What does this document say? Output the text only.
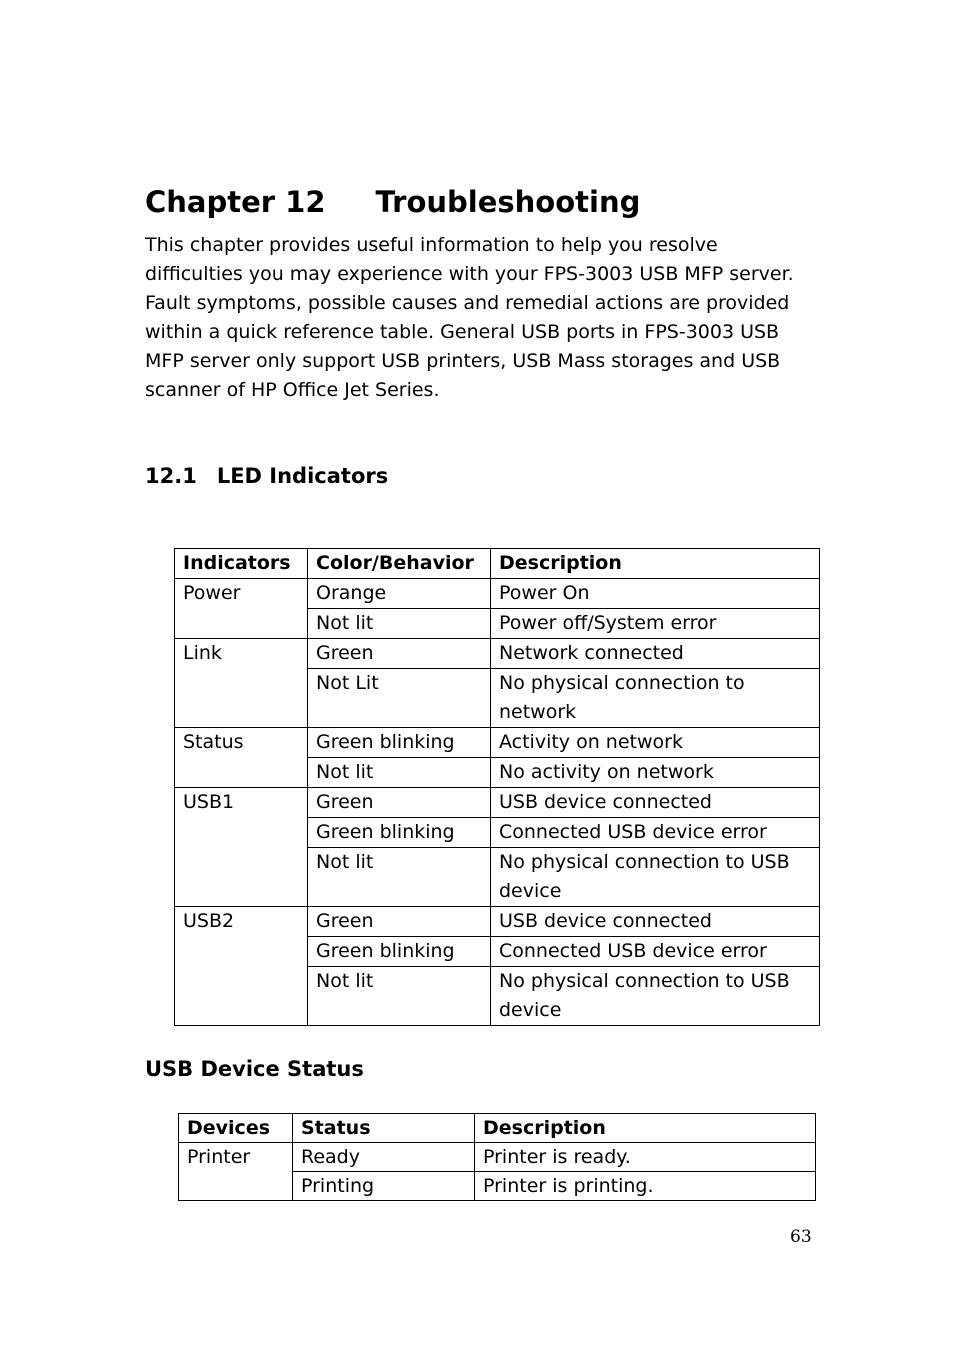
Chapter 12 Troubleshooting

This chapter provides useful information to help you resolve
difficulties you may experience with your FPS-3003 USB MFP server.
Fault symptoms, possible causes and remedial actions are provided
within a quick reference table. General USB ports in FPS-3003 USB
MFP server only support USB printers, USB Mass storages and USB
scanner of HP Office Jet Series.

12.1 LED Indicators
Indicators	Color/Behavior	Description
Power	Orange	Power On
	Not lit	Power off/System error
Link	Green	Network connected
	Not Lit	No physical connection to network
Status	Green blinking	Activity on network
	Not lit	No activity on network
USB1	Green	USB device connected
	Green blinking	Connected USB device error
	Not lit	No physical connection to USB device
USB2	Green	USB device connected
	Green blinking	Connected USB device error
	Not lit	No physical connection to USB device
USB Device Status
Devices	Status	Description
Printer	Ready	Printer is ready.
	Printing	Printer is printing.

63
